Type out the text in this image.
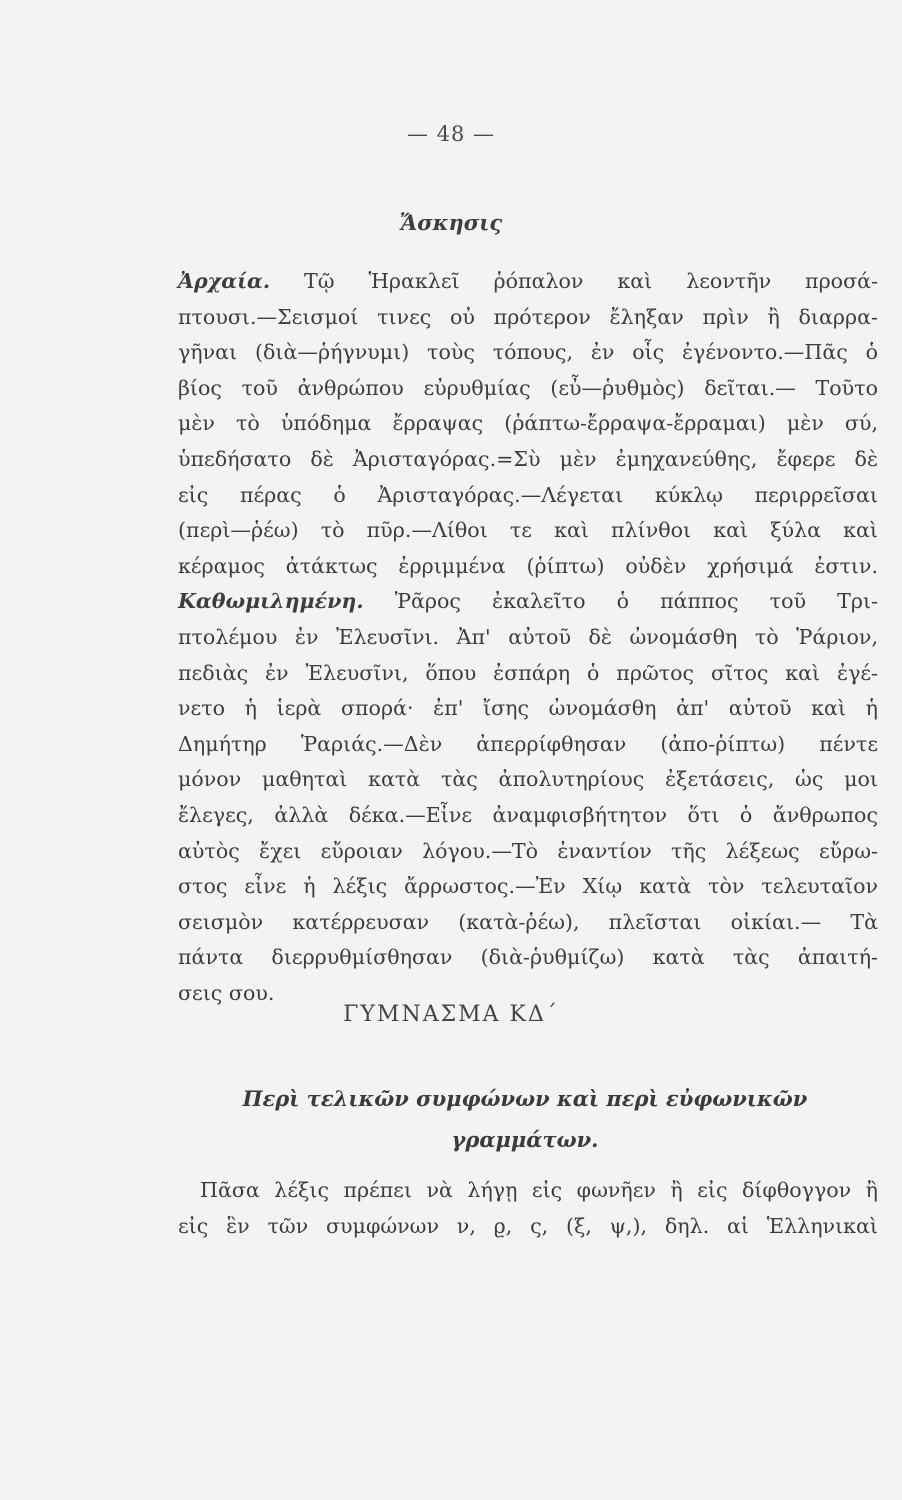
— 48 —
Ἄσκησις
Ἀρχαία. Τῷ Ἡρακλεῖ ῥόπαλον καὶ λεοντῆν προσά-
πτουσι.—Σεισμοί τινες οὐ πρότερον ἔληξαν πρὶν ἢ διαρρα-
γῆναι (διὰ—ῥήγνυμι) τοὺς τόπους, ἐν οἷς ἐγένοντο.—Πᾶς ὁ
βίος τοῦ ἀνθρώπου εὐρυθμίας (εὖ—ῥυθμὸς) δεῖται.— Τοῦτο
μὲν τὸ ὑπόδημα ἔρραψας (ῥάπτω-ἔρραψα-ἔρραμαι) μὲν σύ,
ὑπεδήσατο δὲ Ἀρισταγόρας.=Σὺ μὲν ἐμηχανεύθης, ἔφερε δὲ
εἰς πέρας ὁ Ἀρισταγόρας.—Λέγεται κύκλῳ περιρρεῖσαι
(περὶ—ῥέω) τὸ πῦρ.—Λίθοι τε καὶ πλίνθοι καὶ ξύλα καὶ
κέραμος ἀτάκτως ἐρριμμένα (ῥίπτω) οὐδὲν χρήσιμά ἐστιν.
Καθωμιλημένη. Ῥᾶρος ἐκαλεῖτο ὁ πάππος τοῦ Τρι-
πτολέμου ἐν Ἐλευσῖνι. Ἀπ' αὐτοῦ δὲ ὠνομάσθη τὸ Ῥάριον,
πεδιὰς ἐν Ἐλευσῖνι, ὅπου ἐσπάρη ὁ πρῶτος σῖτος καὶ ἐγέ-
νετο ἡ ἱερὰ σπορά· ἐπ' ἴσης ὠνομάσθη ἀπ' αὐτοῦ καὶ ἡ
Δημήτηρ Ῥαριάς.—Δὲν ἀπερρίφθησαν (ἀπο-ῥίπτω) πέντε
μόνον μαθηταὶ κατὰ τὰς ἀπολυτηρίους ἐξετάσεις, ὡς μοι
ἔλεγες, ἀλλὰ δέκα.—Εἶνε ἀναμφισβήτητον ὅτι ὁ ἄνθρωπος
αὐτὸς ἔχει εὔροιαν λόγου.—Τὸ ἐναντίον τῆς λέξεως εὔρω-
στος εἶνε ἡ λέξις ἄρρωστος.—Ἐν Χίῳ κατὰ τὸν τελευταῖον
σεισμὸν κατέρρευσαν (κατὰ-ῥέω), πλεῖσται οἰκίαι.— Τὰ
πάντα διερρυθμίσθησαν (διὰ-ῥυθμίζω) κατὰ τὰς ἀπαιτή-
σεις σου.
ΓΥΜΝΑΣΜΑ ΚΔ΄
Περὶ τελικῶν συμφώνων καὶ περὶ εὐφωνικῶν
γραμμάτων.
Πᾶσα λέξις πρέπει νὰ λήγῃ εἰς φωνῆεν ἢ εἰς δίφθογγον ἢ
εἰς ἓν τῶν συμφώνων ν, ϱ, ς, (ξ, ψ,), δηλ. αἱ Ἑλληνικαὶ
